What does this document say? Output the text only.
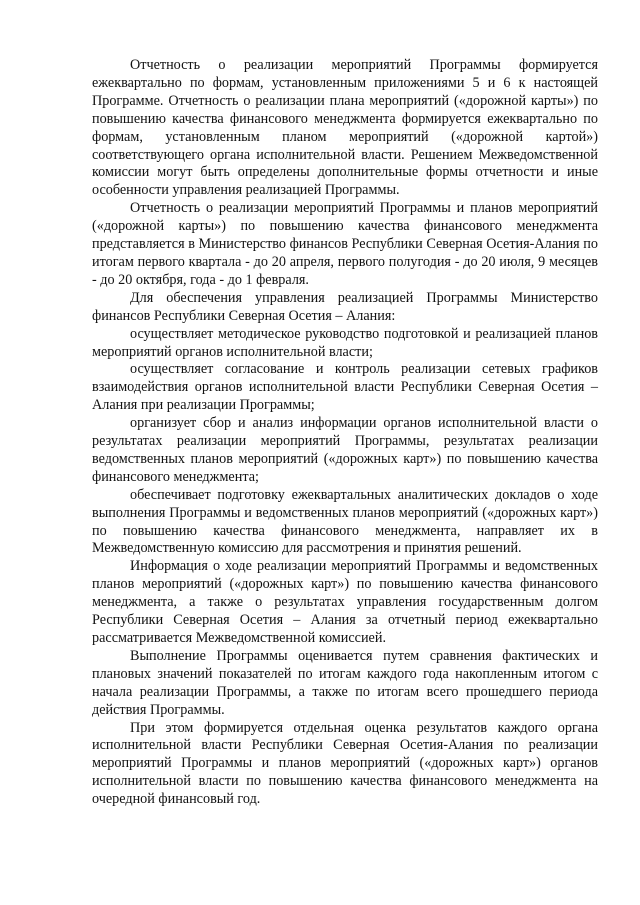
Отчетность о реализации мероприятий Программы формируется ежеквартально по формам, установленным приложениями 5 и 6 к настоящей Программе. Отчетность о реализации плана мероприятий («дорожной карты») по повышению качества финансового менеджмента формируется ежеквартально по формам, установленным планом мероприятий («дорожной картой») соответствующего органа исполнительной власти. Решением Межведомственной комиссии могут быть определены дополнительные формы отчетности и иные особенности управления реализацией Программы.

Отчетность о реализации мероприятий Программы и планов мероприятий («дорожной карты») по повышению качества финансового менеджмента представляется в Министерство финансов Республики Северная Осетия-Алания по итогам первого квартала - до 20 апреля, первого полугодия - до 20 июля, 9 месяцев - до 20 октября, года - до 1 февраля.

Для обеспечения управления реализацией Программы Министерство финансов Республики Северная Осетия – Алания:

осуществляет методическое руководство подготовкой и реализацией планов мероприятий органов исполнительной власти;

осуществляет согласование и контроль реализации сетевых графиков взаимодействия органов исполнительной власти Республики Северная Осетия – Алания при реализации Программы;

организует сбор и анализ информации органов исполнительной власти о результатах реализации мероприятий Программы, результатах реализации ведомственных планов мероприятий («дорожных карт») по повышению качества финансового менеджмента;

обеспечивает подготовку ежеквартальных аналитических докладов о ходе выполнения Программы и ведомственных планов мероприятий («дорожных карт») по повышению качества финансового менеджмента, направляет их в Межведомственную комиссию для рассмотрения и принятия решений.

Информация о ходе реализации мероприятий Программы и ведомственных планов мероприятий («дорожных карт») по повышению качества финансового менеджмента, а также о результатах управления государственным долгом Республики Северная Осетия – Алания за отчетный период ежеквартально рассматривается Межведомственной комиссией.

Выполнение Программы оценивается путем сравнения фактических и плановых значений показателей по итогам каждого года накопленным итогом с начала реализации Программы, а также по итогам всего прошедшего периода действия Программы.

При этом формируется отдельная оценка результатов каждого органа исполнительной власти Республики Северная Осетия-Алания по реализации мероприятий Программы и планов мероприятий («дорожных карт») органов исполнительной власти по повышению качества финансового менеджмента на очередной финансовый год.
